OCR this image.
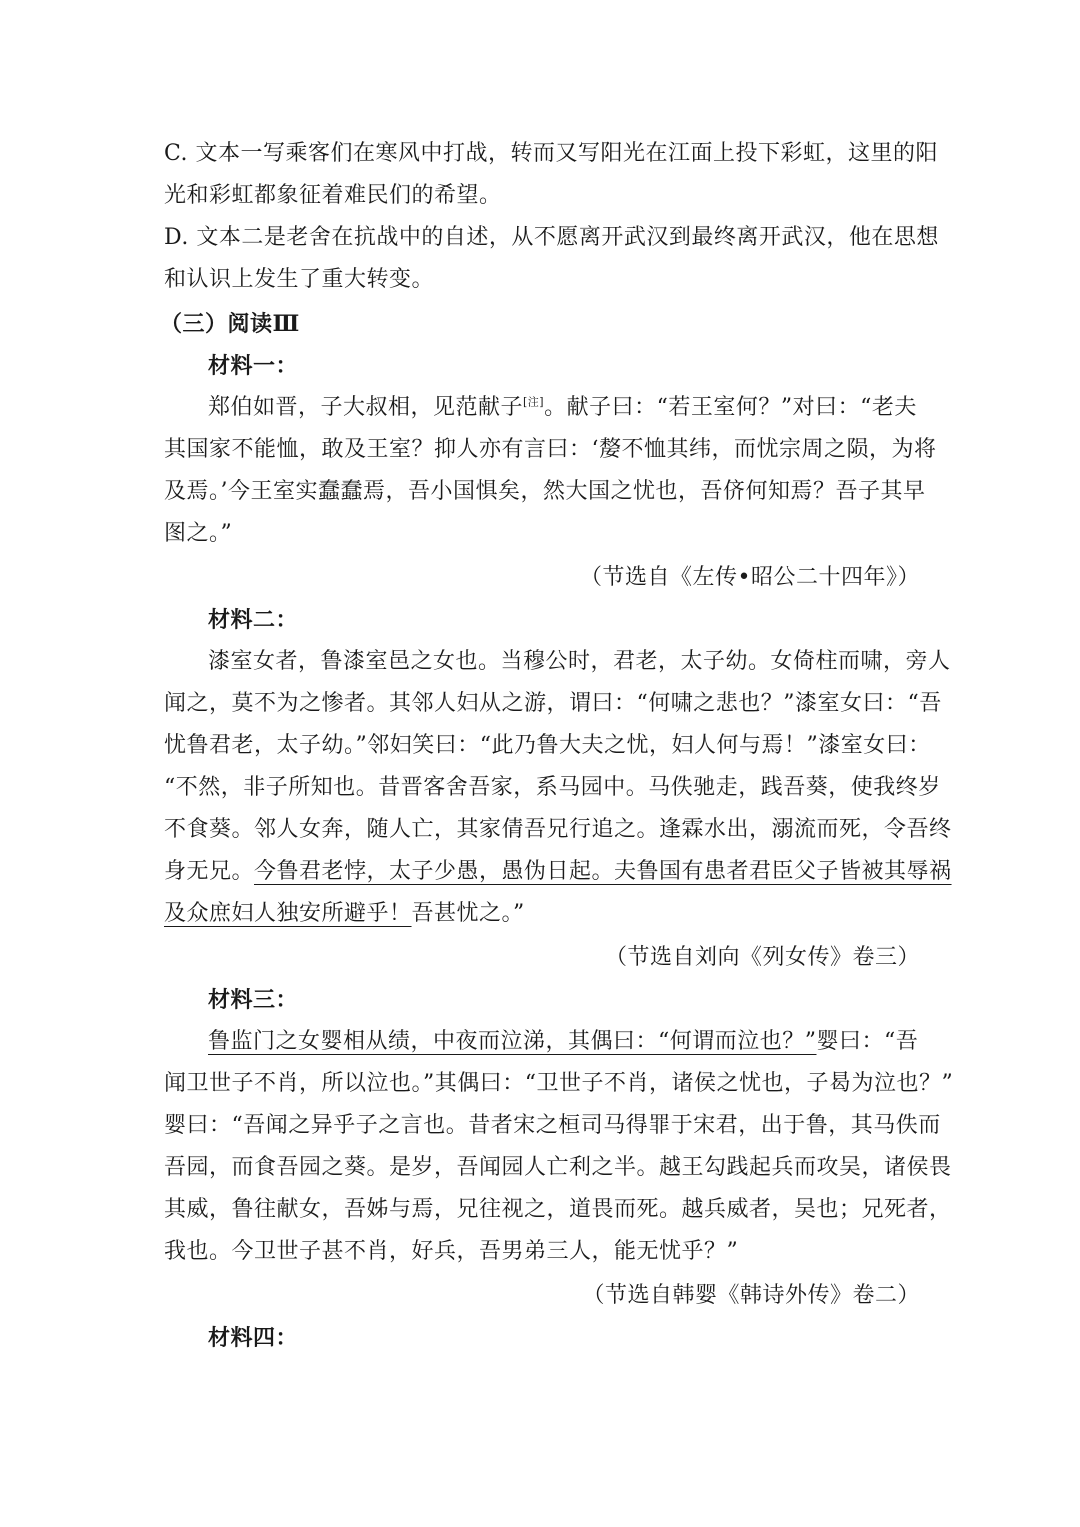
C. 文本一写乘客们在寒风中打战，转而又写阳光在江面上投下彩虹，这里的阳
光和彩虹都象征着难民们的希望。
D. 文本二是老舍在抗战中的自述，从不愿离开武汉到最终离开武汉，他在思想
和认识上发生了重大转变。
（三）阅读Ⅲ
材料一：
郑伯如晋，子大叔相，见范献子[注]。献子曰：“若王室何？”对曰：“老夫
其国家不能恤，敢及王室？抑人亦有言曰：‘嫠不恤其纬，而忧宗周之陨，为将
及焉。’今王室实蠢蠢焉，吾小国惧矣，然大国之忧也，吾侪何知焉？吾子其早
图之。”
（节选自《左传•昭公二十四年》）
材料二：
漆室女者，鲁漆室邑之女也。当穆公时，君老，太子幼。女倚柱而啸，旁人
闻之，莫不为之惨者。其邻人妇从之游，谓曰：“何啸之悲也？”漆室女曰：“吾
忧鲁君老，太子幼。”邻妇笑曰：“此乃鲁大夫之忧，妇人何与焉！”漆室女曰：
“不然，非子所知也。昔晋客舍吾家，系马园中。马佚驰走，践吾葵，使我终岁
不食葵。邻人女奔，随人亡，其家倩吾兄行追之。逢霖水出，溺流而死，令吾终
身无兄。今鲁君老悖，太子少愚，愚伪日起。夫鲁国有患者君臣父子皆被其辱祸
及众庶妇人独安所避乎！吾甚忧之。”
（节选自刘向《列女传》卷三）
材料三：
鲁监门之女婴相从绩，中夜而泣涕，其偶曰：“何谓而泣也？”婴曰：“吾
闻卫世子不肖，所以泣也。”其偶曰：“卫世子不肖，诸侯之忧也，子曷为泣也？”
婴曰：“吾闻之异乎子之言也。昔者宋之桓司马得罪于宋君，出于鲁，其马佚而
吾园，而食吾园之葵。是岁，吾闻园人亡利之半。越王勾践起兵而攻吴，诸侯畏
其威，鲁往献女，吾姊与焉，兄往视之，道畏而死。越兵威者，吴也；兄死者，
我也。今卫世子甚不肖，好兵，吾男弟三人，能无忧乎？”
（节选自韩婴《韩诗外传》卷二）
材料四：
